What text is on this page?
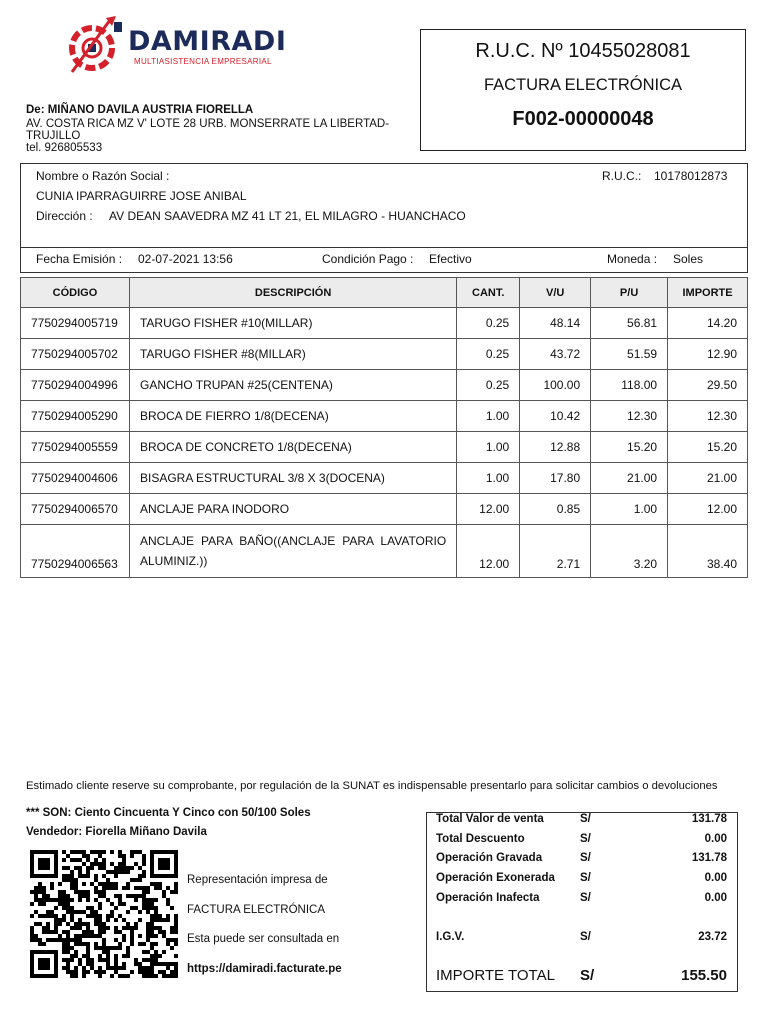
DAMIRADI
MULTIASISTENCIA EMPRESARIAL
De: MIÑANO DAVILA AUSTRIA FIORELLA
AV. COSTA RICA MZ V' LOTE 28 URB. MONSERRATE LA LIBERTAD-
TRUJILLO
tel. 926805533
R.U.C. Nº 10455028081
FACTURA ELECTRÓNICA
F002-00000048
Nombre o Razón Social :	R.U.C.: 10178012873
CUNIA IPARRAGUIRRE JOSE ANIBAL
Dirección : AV DEAN SAAVEDRA MZ 41 LT 21, EL MILAGRO - HUANCHACO
Fecha Emisión : 02-07-2021 13:56	Condición Pago : Efectivo	Moneda : Soles
CÓDIGO	DESCRIPCIÓN	CANT.	V/U	P/U	IMPORTE
7750294005719	TARUGO FISHER #10(MILLAR)	0.25	48.14	56.81	14.20
7750294005702	TARUGO FISHER #8(MILLAR)	0.25	43.72	51.59	12.90
7750294004996	GANCHO TRUPAN #25(CENTENA)	0.25	100.00	118.00	29.50
7750294005290	BROCA DE FIERRO 1/8(DECENA)	1.00	10.42	12.30	12.30
7750294005559	BROCA DE CONCRETO 1/8(DECENA)	1.00	12.88	15.20	15.20
7750294004606	BISAGRA ESTRUCTURAL 3/8 X 3(DOCENA)	1.00	17.80	21.00	21.00
7750294006570	ANCLAJE PARA INODORO	12.00	0.85	1.00	12.00
7750294006563	ANCLAJE PARA BAÑO((ANCLAJE PARA LAVATORIO ALUMINIZ.))	12.00	2.71	3.20	38.40
Estimado cliente reserve su comprobante, por regulación de la SUNAT es indispensable presentarlo para solicitar cambios o devoluciones
*** SON: Ciento Cincuenta Y Cinco con 50/100 Soles
Vendedor: Fiorella Miñano Davila
Representación impresa de
FACTURA ELECTRÓNICA
Esta puede ser consultada en
https://damiradi.facturate.pe
Total Valor de venta	S/	131.78
Total Descuento	S/	0.00
Operación Gravada	S/	131.78
Operación Exonerada S/	0.00
Operación Inafecta	S/	0.00
I.G.V.	S/	23.72
IMPORTE TOTAL S/	155.50
